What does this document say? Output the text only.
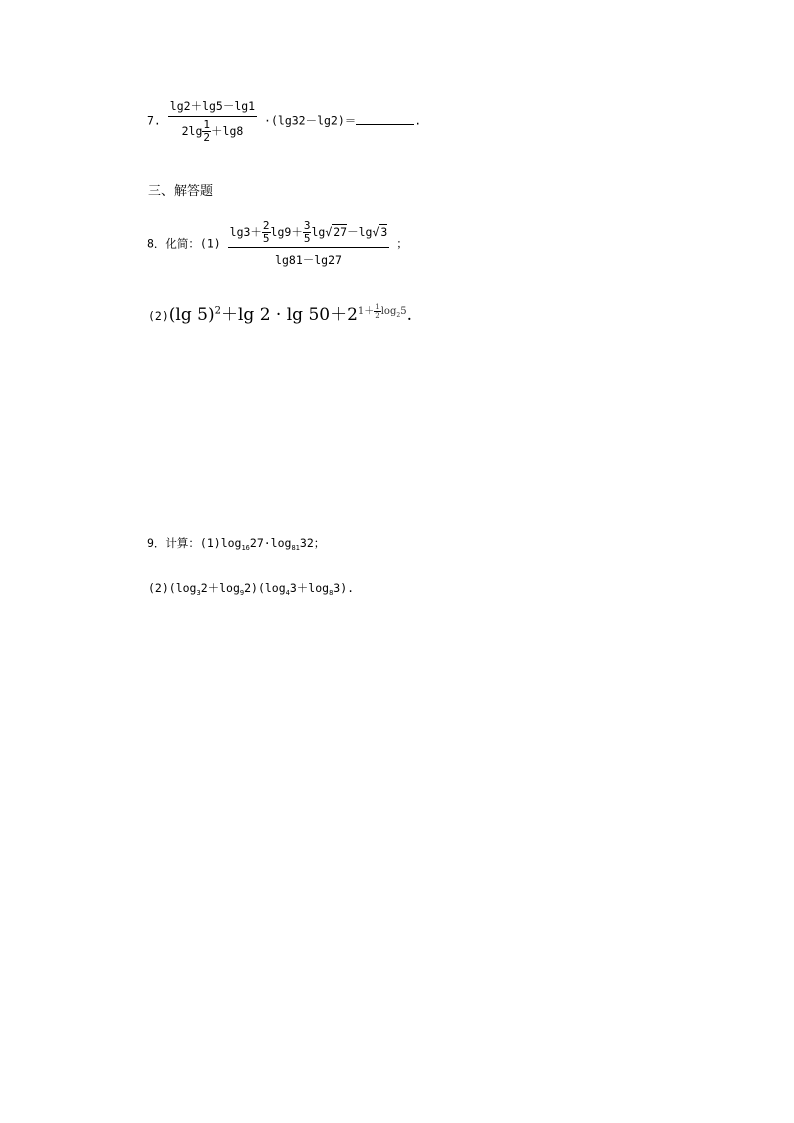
7. $\frac{\lg 2+\lg 5-\lg 1}{2\lg \frac{1}{2} +\lg 8} \cdot(\lg 32-\lg 2)=$	.
三、解答题
8．化简：$(1) \frac{\lg 3+ \frac{2}{5} \lg 9+ \frac{3}{5} \lg√27-\lg√3}{\lg 81-\lg 27}$ ；
(2)(lg 5)$^2$＋lg $2 \cdot \lg 50+2^{1+ \frac{1}{2} log_25}$.
9．计算：$(1)\log_{16}27\cdot\log_{81}32$；
$(2)(\log_32+\log_92)(\log_43+\log_83)$.
